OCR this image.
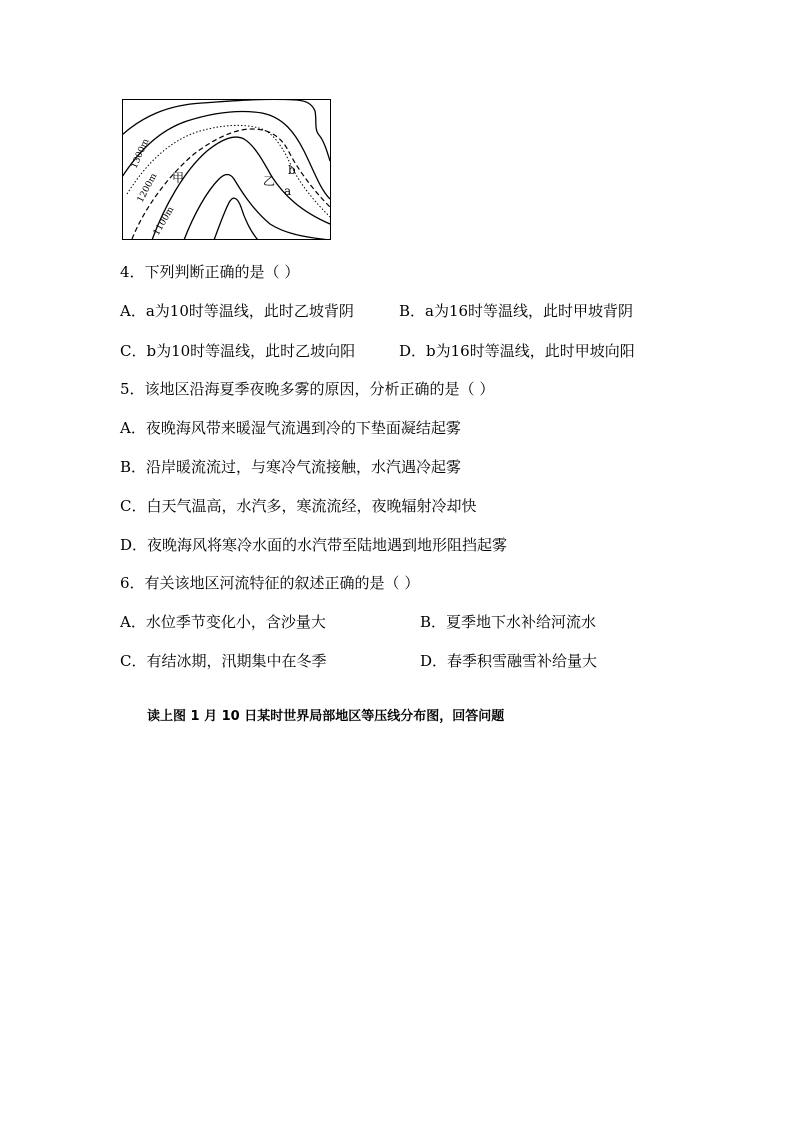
1300m
1200m
1100m
甲	乙
a
b
4．下列判断正确的是（ ）
A．a为10时等温线，此时乙坡背阴	B．a为16时等温线，此时甲坡背阴
C．b为10时等温线，此时乙坡向阳	D．b为16时等温线，此时甲坡向阳
5．该地区沿海夏季夜晚多雾的原因，分析正确的是（ ）
A．夜晚海风带来暖湿气流遇到冷的下垫面凝结起雾
B．沿岸暖流流过，与寒冷气流接触，水汽遇冷起雾
C．白天气温高，水汽多，寒流流经，夜晚辐射冷却快
D．夜晚海风将寒冷水面的水汽带至陆地遇到地形阻挡起雾
6．有关该地区河流特征的叙述正确的是（ ）
A．水位季节变化小，含沙量大	B．夏季地下水补给河流水
C．有结冰期，汛期集中在冬季	D．春季积雪融雪补给量大
读上图 1 月 10 日某时世界局部地区等压线分布图，回答问题
